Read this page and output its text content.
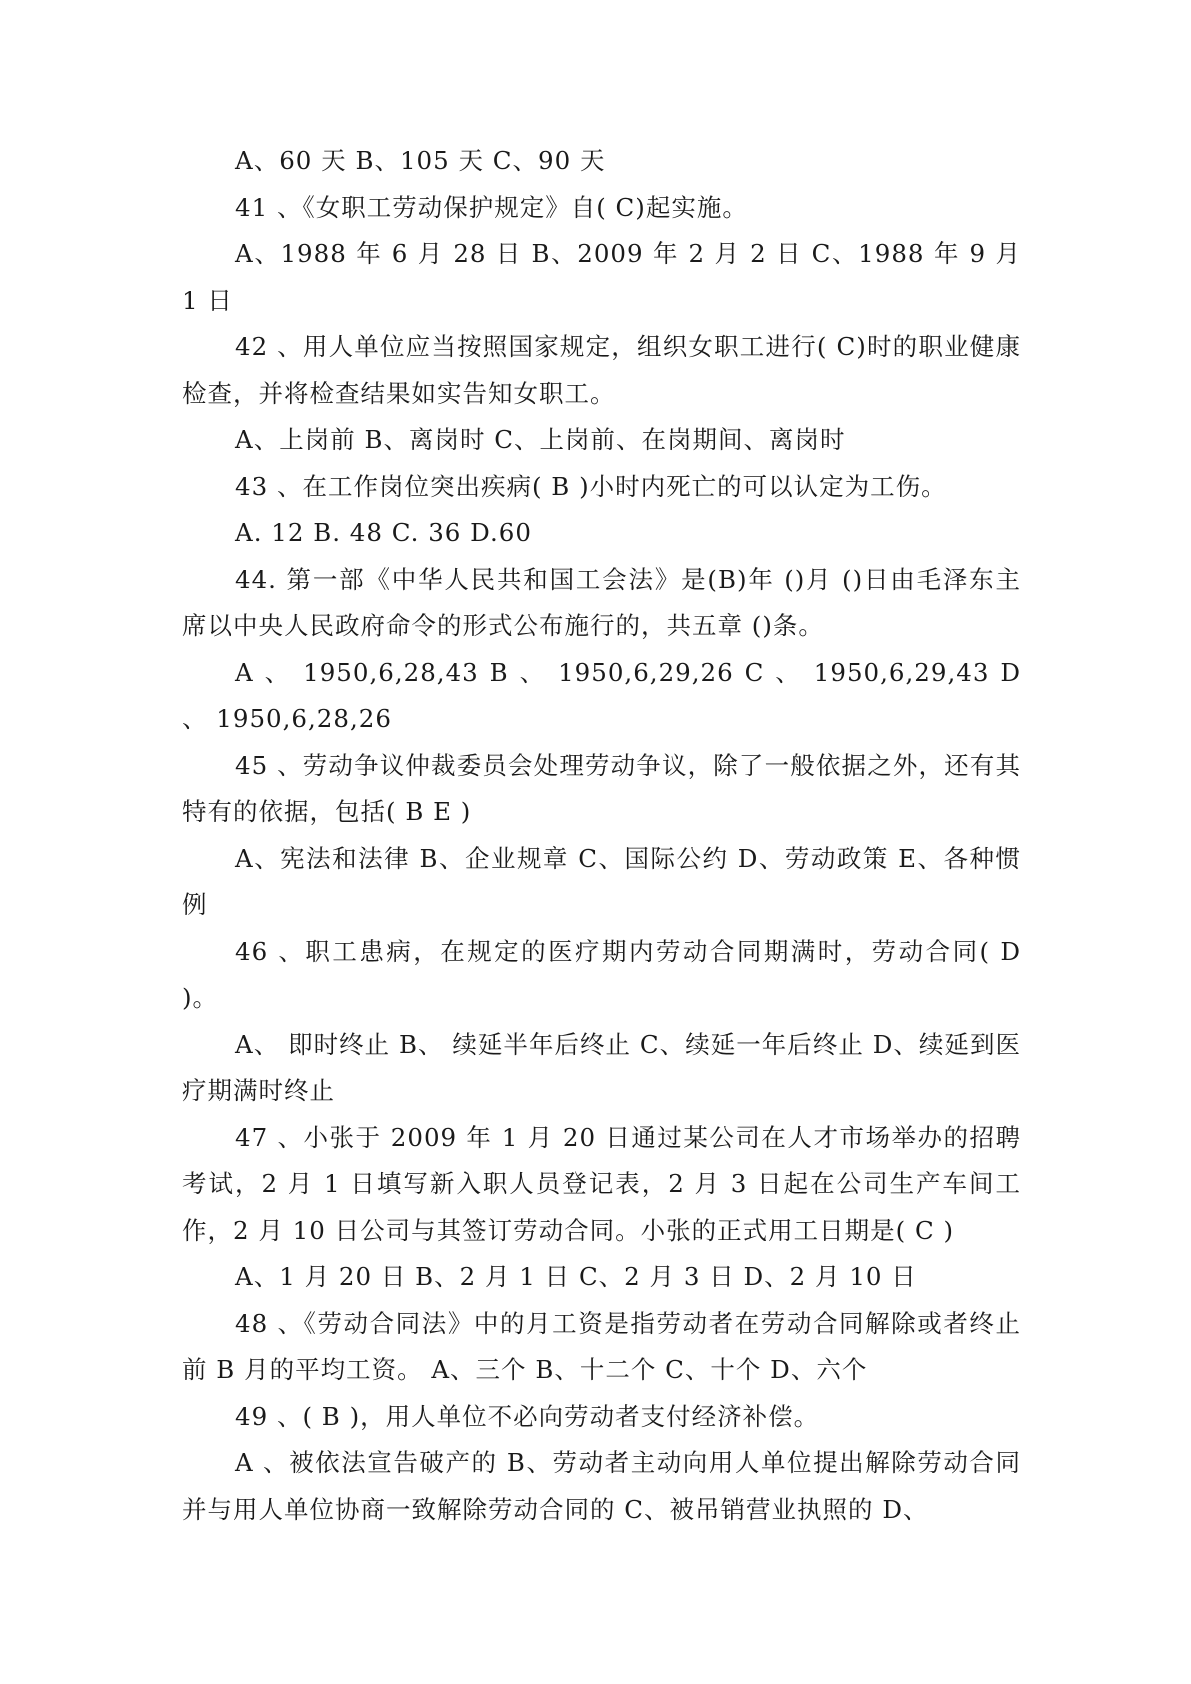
A、60 天 B、105 天 C、90 天

41 、《女职工劳动保护规定》自( C)起实施。

A、1988 年 6 月 28 日 B、2009 年 2 月 2 日 C、1988 年 9 月 1 日

42 、用人单位应当按照国家规定，组织女职工进行( C)时的职业健康检查，并将检查结果如实告知女职工。

A、上岗前 B、离岗时 C、上岗前、在岗期间、离岗时

43 、在工作岗位突出疾病( B )小时内死亡的可以认定为工伤。

A. 12 B. 48 C. 36 D.60

44. 第一部《中华人民共和国工会法》是(B)年 ()月 ()日由毛泽东主席以中央人民政府命令的形式公布施行的，共五章 ()条。

A 、 1950,6,28,43 B 、 1950,6,29,26 C 、 1950,6,29,43 D 、 1950,6,28,26

45 、劳动争议仲裁委员会处理劳动争议，除了一般依据之外，还有其特有的依据，包括( B E )

A、宪法和法律 B、企业规章 C、国际公约 D、劳动政策 E、各种惯例

46 、职工患病，在规定的医疗期内劳动合同期满时，劳动合同( D )。

A、 即时终止 B、 续延半年后终止 C、续延一年后终止 D、续延到医疗期满时终止

47 、小张于 2009 年 1 月 20 日通过某公司在人才市场举办的招聘考试，2 月 1 日填写新入职人员登记表，2 月 3 日起在公司生产车间工作，2 月 10 日公司与其签订劳动合同。小张的正式用工日期是( C )

A、1 月 20 日 B、2 月 1 日 C、2 月 3 日 D、2 月 10 日

48 、《劳动合同法》中的月工资是指劳动者在劳动合同解除或者终止前 B 月的平均工资。 A、三个 B、十二个 C、十个 D、六个

49 、( B )，用人单位不必向劳动者支付经济补偿。

A 、被依法宣告破产的 B、劳动者主动向用人单位提出解除劳动合同并与用人单位协商一致解除劳动合同的 C、被吊销营业执照的 D、
